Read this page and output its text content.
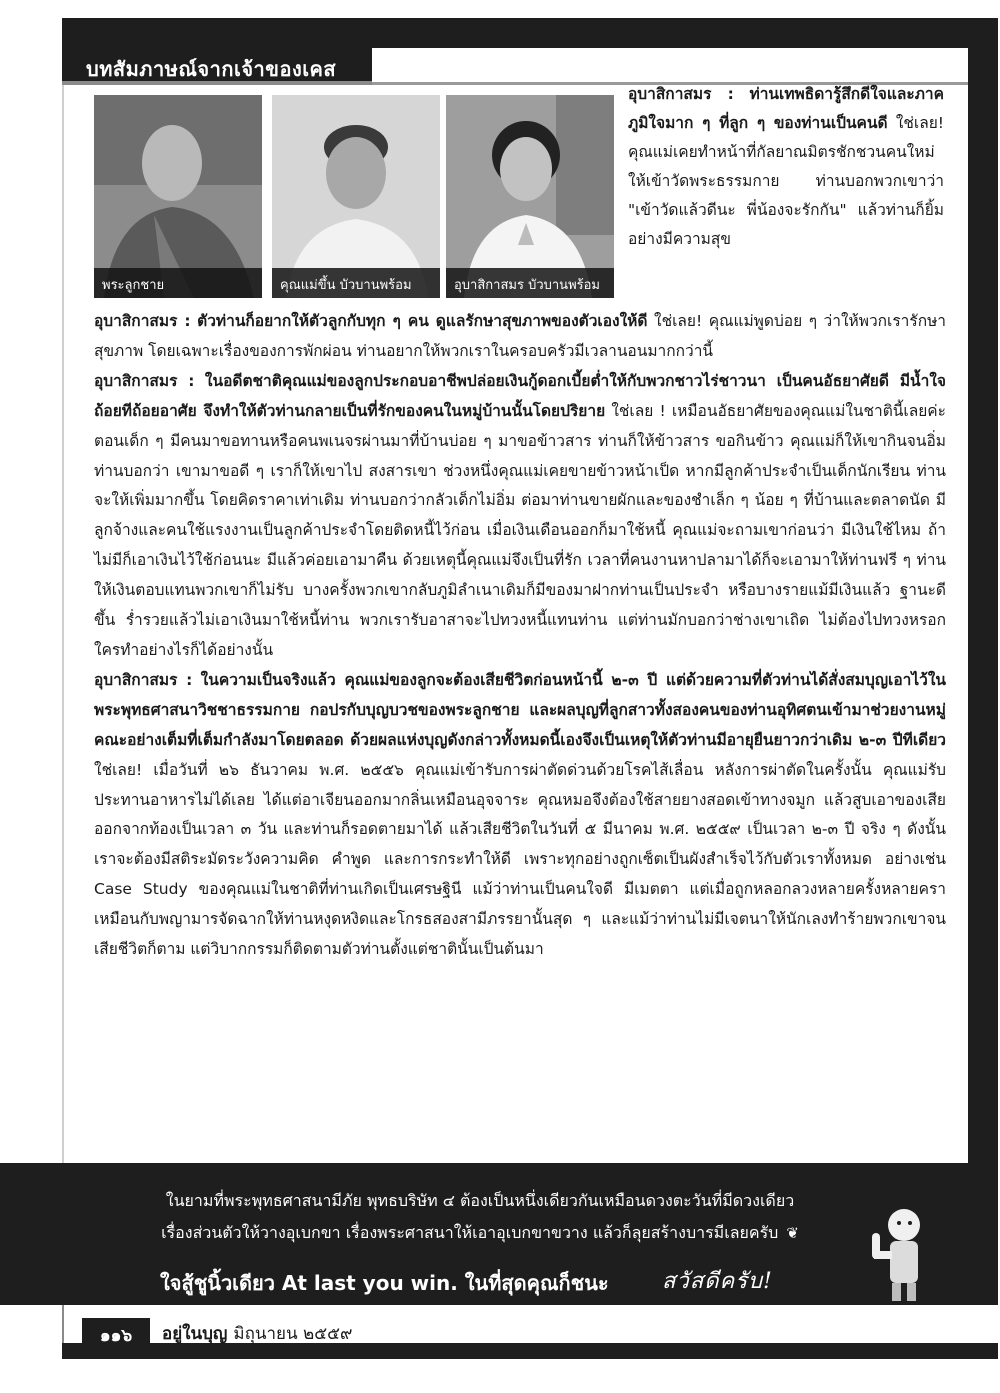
บทสัมภาษณ์จากเจ้าของเคส
พระลูกชาย	คุณแม่ขึ้น บัวบานพร้อม	อุบาสิกาสมร บัวบานพร้อม
อุบาสิกาสมร : ท่านเทพธิดารู้สึกดีใจและภาคภูมิใจมาก ๆ ที่ลูก ๆ ของท่านเป็นคนดี ใช่เลย! คุณแม่เคยทำหน้าที่กัลยาณมิตรชักชวนคนใหม่ให้เข้าวัดพระธรรมกาย ท่านบอกพวกเขาว่า "เข้าวัดแล้วดีนะ พี่น้องจะรักกัน" แล้วท่านก็ยิ้มอย่างมีความสุข

อุบาสิกาสมร : ตัวท่านก็อยากให้ตัวลูกกับทุก ๆ คน ดูแลรักษาสุขภาพของตัวเองให้ดี ใช่เลย! คุณแม่พูดบ่อย ๆ ว่าให้พวกเรารักษาสุขภาพ โดยเฉพาะเรื่องของการพักผ่อน ท่านอยากให้พวกเราในครอบครัวมีเวลานอนมากกว่านี้

อุบาสิกาสมร : ในอดีตชาติคุณแม่ของลูกประกอบอาชีพปล่อยเงินกู้ดอกเบี้ยต่ำให้กับพวกชาวไร่ชาวนา เป็นคนอัธยาศัยดี มีน้ำใจ ถ้อยทีถ้อยอาศัย จึงทำให้ตัวท่านกลายเป็นที่รักของคนในหมู่บ้านนั้นโดยปริยาย ใช่เลย ! เหมือนอัธยาศัยของคุณแม่ในชาตินี้เลยค่ะ ตอนเด็ก ๆ มีคนมาขอทานหรือคนพเนจรผ่านมาที่บ้านบ่อย ๆ มาขอข้าวสาร ท่านก็ให้ข้าวสาร ขอกินข้าว คุณแม่ก็ให้เขากินจนอิ่ม ท่านบอกว่า เขามาขอดี ๆ เราก็ให้เขาไป สงสารเขา ช่วงหนึ่งคุณแม่เคยขายข้าวหน้าเป็ด หากมีลูกค้าประจำเป็นเด็กนักเรียน ท่านจะให้เพิ่มมากขึ้น โดยคิดราคาเท่าเดิม ท่านบอกว่ากลัวเด็กไม่อิ่ม ต่อมาท่านขายผักและของชำเล็ก ๆ น้อย ๆ ที่บ้านและตลาดนัด มีลูกจ้างและคนใช้แรงงานเป็นลูกค้าประจำโดยติดหนี้ไว้ก่อน เมื่อเงินเดือนออกก็มาใช้หนี้ คุณแม่จะถามเขาก่อนว่า มีเงินใช้ไหม ถ้าไม่มีก็เอาเงินไว้ใช้ก่อนนะ มีแล้วค่อยเอามาคืน ด้วยเหตุนี้คุณแม่จึงเป็นที่รัก เวลาที่คนงานหาปลามาได้ก็จะเอามาให้ท่านฟรี ๆ ท่านให้เงินตอบแทนพวกเขาก็ไม่รับ บางครั้งพวกเขากลับภูมิลำเนาเดิมก็มีของมาฝากท่านเป็นประจำ หรือบางรายแม้มีเงินแล้ว ฐานะดีขึ้น ร่ำรวยแล้วไม่เอาเงินมาใช้หนี้ท่าน พวกเรารับอาสาจะไปทวงหนี้แทนท่าน แต่ท่านมักบอกว่าช่างเขาเถิด ไม่ต้องไปทวงหรอก ใครทำอย่างไรก็ได้อย่างนั้น

อุบาสิกาสมร : ในความเป็นจริงแล้ว คุณแม่ของลูกจะต้องเสียชีวิตก่อนหน้านี้ ๒-๓ ปี แต่ด้วยความที่ตัวท่านได้สั่งสมบุญเอาไว้ในพระพุทธศาสนาวิชชาธรรมกาย กอปรกับบุญบวชของพระลูกชาย และผลบุญที่ลูกสาวทั้งสองคนของท่านอุทิศตนเข้ามาช่วยงานหมู่คณะอย่างเต็มที่เต็มกำลังมาโดยตลอด ด้วยผลแห่งบุญดังกล่าวทั้งหมดนี้เองจึงเป็นเหตุให้ตัวท่านมีอายุยืนยาวกว่าเดิม ๒-๓ ปีทีเดียว ใช่เลย! เมื่อวันที่ ๒๖ ธันวาคม พ.ศ. ๒๕๕๖ คุณแม่เข้ารับการผ่าตัดด่วนด้วยโรคไส้เลื่อน หลังการผ่าตัดในครั้งนั้น คุณแม่รับประทานอาหารไม่ได้เลย ได้แต่อาเจียนออกมากลิ่นเหมือนอุจจาระ คุณหมอจึงต้องใช้สายยางสอดเข้าทางจมูก แล้วสูบเอาของเสียออกจากท้องเป็นเวลา ๓ วัน และท่านก็รอดตายมาได้ แล้วเสียชีวิตในวันที่ ๕ มีนาคม พ.ศ. ๒๕๕๙ เป็นเวลา ๒-๓ ปี จริง ๆ ดังนั้นเราจะต้องมีสติระมัดระวังความคิด คำพูด และการกระทำให้ดี เพราะทุกอย่างถูกเซ็ตเป็นผังสำเร็จไว้กับตัวเราทั้งหมด อย่างเช่น Case Study ของคุณแม่ในชาติที่ท่านเกิดเป็นเศรษฐินี แม้ว่าท่านเป็นคนใจดี มีเมตตา แต่เมื่อถูกหลอกลวงหลายครั้งหลายครา เหมือนกับพญามารจัดฉากให้ท่านหงุดหงิดและโกรธสองสามีภรรยานั้นสุด ๆ และแม้ว่าท่านไม่มีเจตนาให้นักเลงทำร้ายพวกเขาจนเสียชีวิตก็ตาม แต่วิบากกรรมก็ติดตามตัวท่านตั้งแต่ชาตินั้นเป็นต้นมา

ในยามที่พระพุทธศาสนามีภัย พุทธบริษัท ๔ ต้องเป็นหนึ่งเดียวกันเหมือนดวงตะวันที่มีดวงเดียว
เรื่องส่วนตัวให้วางอุเบกขา เรื่องพระศาสนาให้เอาอุเบกขาขวาง แล้วก็ลุยสร้างบารมีเลยครับ ❦
ใจสู้ชูนิ้วเดียว At last you win. ในที่สุดคุณก็ชนะ สวัสดีครับ!
๑๑๖	อยู่ในบุญ มิถุนายน ๒๕๕๙
